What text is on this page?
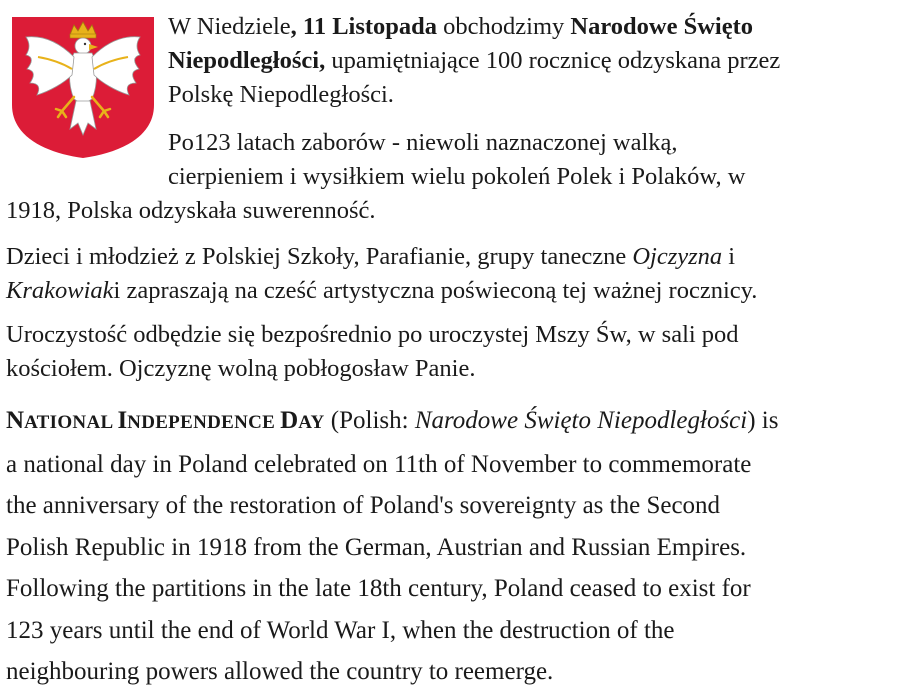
W Niedziele, 11 Listopada obchodzimy Narodowe Święto
Niepodległości, upamiętniające 100 rocznicę odzyskana przez
Polskę Niepodległości.

Po123 latach zaborów - niewoli naznaczonej walką,
cierpieniem i wysiłkiem wielu pokoleń Polek i Polaków, w

1918, Polska odzyskała suwerenność.

Dzieci i młodzież z Polskiej Szkoły, Parafianie, grupy taneczne Ojczyzna i
Krakowiaki zapraszają na cześć artystyczna poświeconą tej ważnej rocznicy.

Uroczystość odbędzie się bezpośrednio po uroczystej Mszy Św, w sali pod
kościołem. Ojczyznę wolną pobłogosław Panie.

NATIONAL INDEPENDENCE DAY (Polish: Narodowe Święto Niepodległości) is
a national day in Poland celebrated on 11th of November to commemorate
the anniversary of the restoration of Poland's sovereignty as the Second
Polish Republic in 1918 from the German, Austrian and Russian Empires.
Following the partitions in the late 18th century, Poland ceased to exist for
123 years until the end of World War I, when the destruction of the
neighbouring powers allowed the country to reemerge.
